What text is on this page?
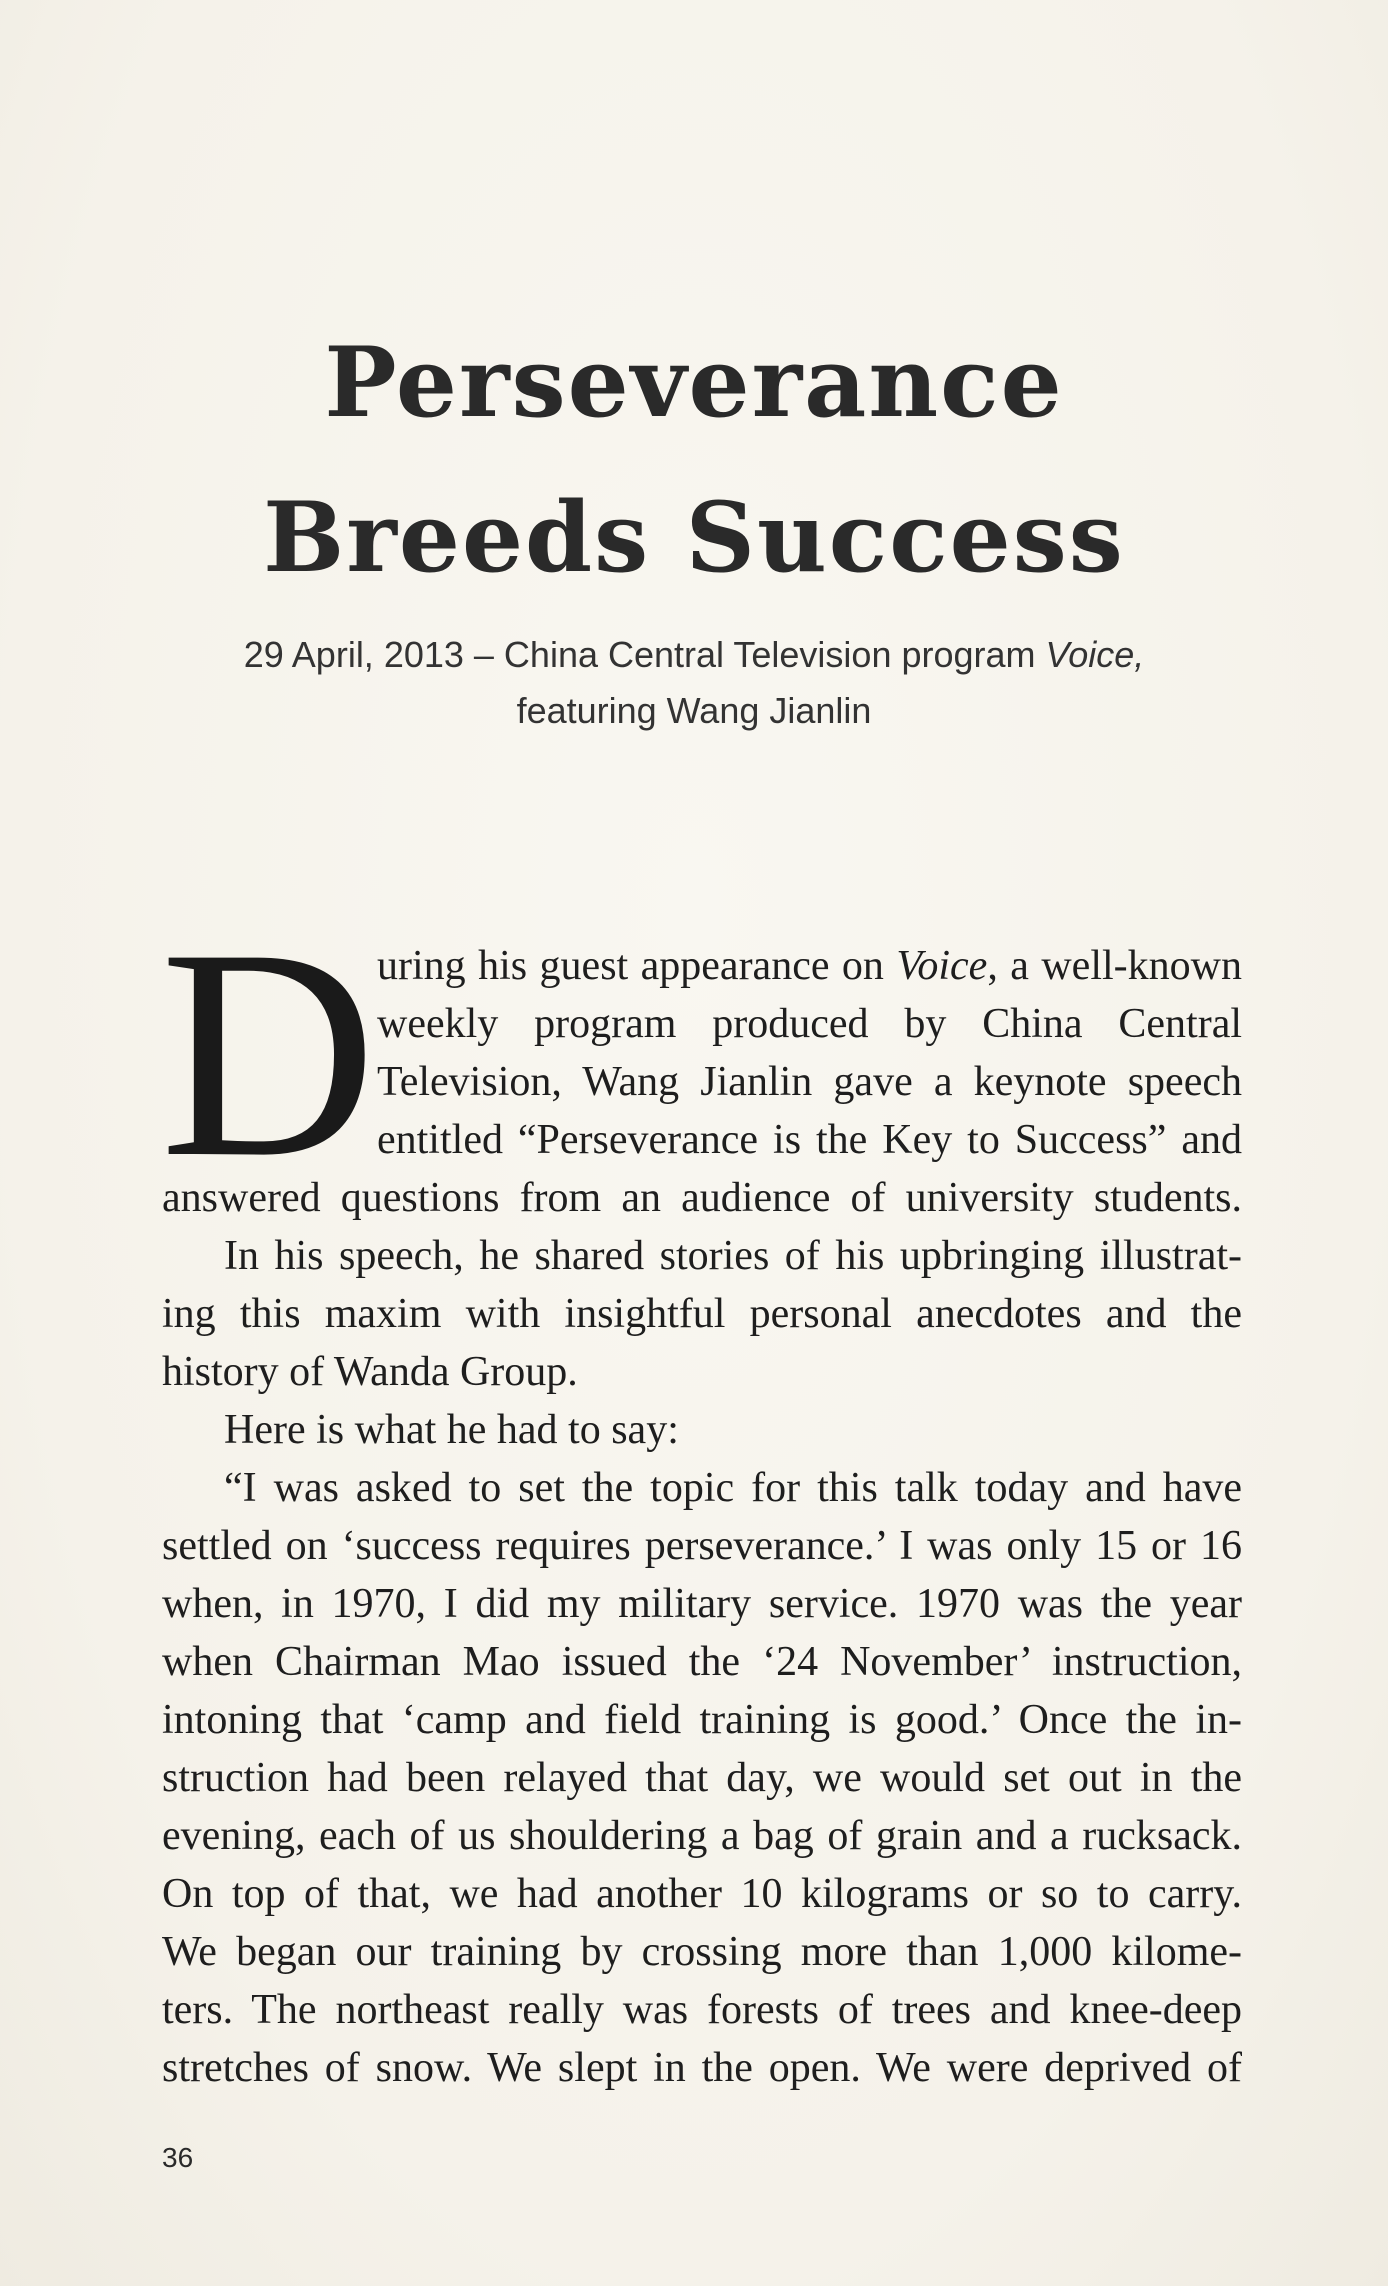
Perseverance
Breeds Success
29 April, 2013 – China Central Television program Voice,
featuring Wang Jianlin
D uring his guest appearance on Voice, a well-known
weekly program produced by China Central
Television, Wang Jianlin gave a keynote speech
entitled “Perseverance is the Key to Success” and
answered questions from an audience of university students.
In his speech, he shared stories of his upbringing illustrat-
ing this maxim with insightful personal anecdotes and the
history of Wanda Group.
Here is what he had to say:
“I was asked to set the topic for this talk today and have
settled on ‘success requires perseverance.’ I was only 15 or 16
when, in 1970, I did my military service. 1970 was the year
when Chairman Mao issued the ‘24 November’ instruction,
intoning that ‘camp and field training is good.’ Once the in-
struction had been relayed that day, we would set out in the
evening, each of us shouldering a bag of grain and a rucksack.
On top of that, we had another 10 kilograms or so to carry.
We began our training by crossing more than 1,000 kilome-
ters. The northeast really was forests of trees and knee-deep
stretches of snow. We slept in the open. We were deprived of
36
